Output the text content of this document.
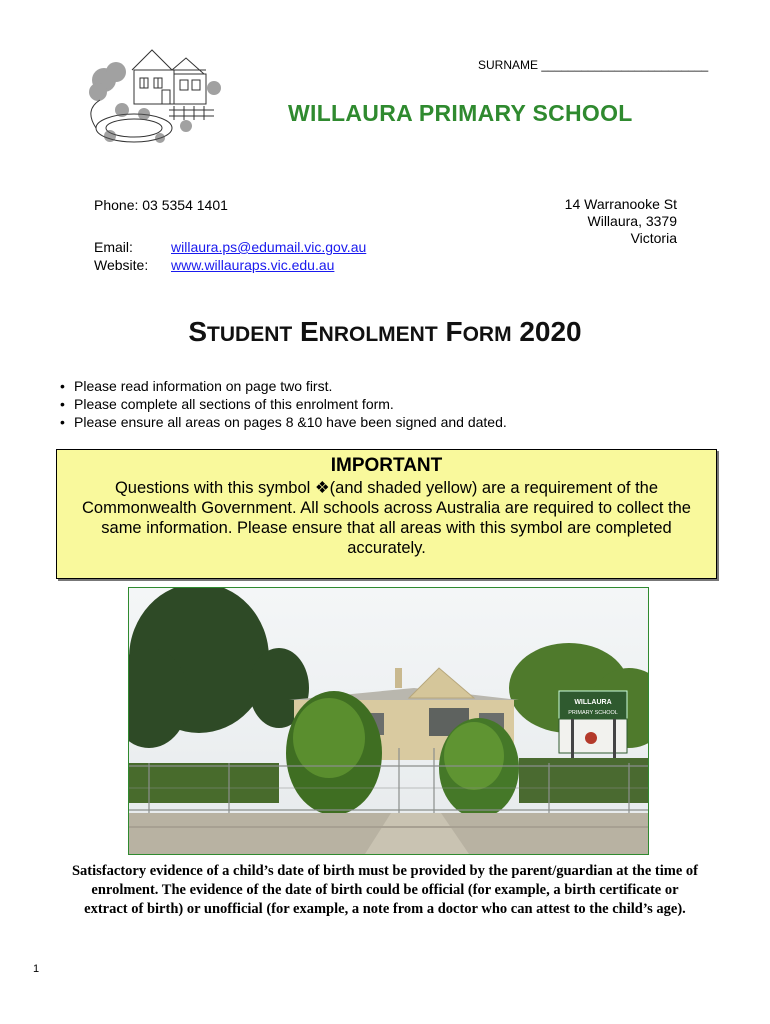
SURNAME _________________________
WILLAURA PRIMARY SCHOOL
Phone: 03 5354 1401
Email:
Website:
willaura.ps@edumail.vic.gov.au
www.willauraps.vic.edu.au
14 Warranooke St
Willaura, 3379
Victoria
STUDENT ENROLMENT FORM 2020
• Please read information on page two first.
• Please complete all sections of this enrolment form.
• Please ensure all areas on pages 8 &10 have been signed and dated.
IMPORTANT
Questions with this symbol ❖(and shaded yellow) are a requirement of the Commonwealth Government. All schools across Australia are required to collect the same information. Please ensure that all areas with this symbol are completed accurately.
WILLAURA
PRIMARY SCHOOL
Satisfactory evidence of a child’s date of birth must be provided by the parent/guardian at the time of enrolment. The evidence of the date of birth could be official (for example, a birth certificate or extract of birth) or unofficial (for example, a note from a doctor who can attest to the child’s age).
1
